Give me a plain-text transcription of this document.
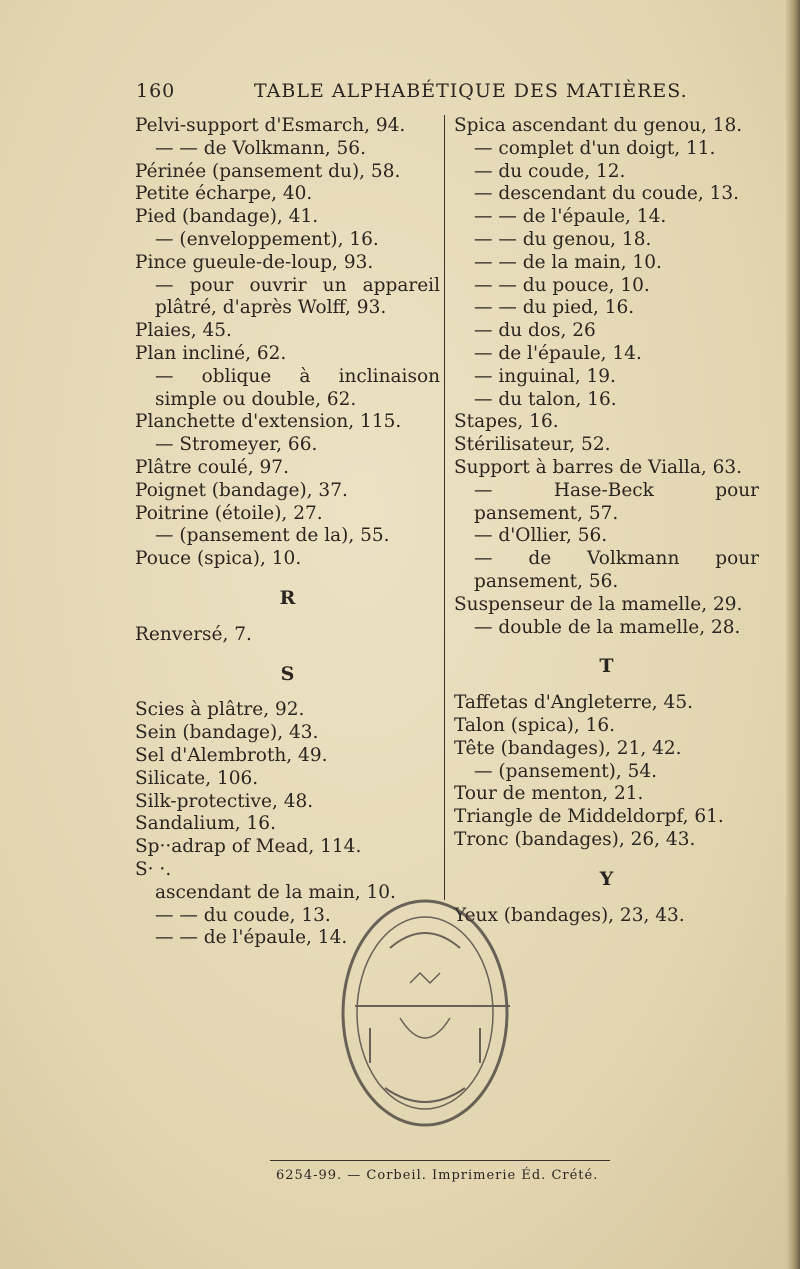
160	TABLE ALPHABÉTIQUE DES MATIÈRES.
Pelvi-support d'Esmarch, 94.
— — de Volkmann, 56.
Périnée (pansement du), 58.
Petite écharpe, 40.
Pied (bandage), 41.
— (enveloppement), 16.
Pince gueule-de-loup, 93.
— pour ouvrir un appareil plâtré, d'après Wolff, 93.
Plaies, 45.
Plan incliné, 62.
— oblique à inclinaison simple ou double, 62.
Planchette d'extension, 115.
— Stromeyer, 66.
Plâtre coulé, 97.
Poignet (bandage), 37.
Poitrine (étoile), 27.
— (pansement de la), 55.
Pouce (spica), 10.
R
Renversé, 7.
S
Scies à plâtre, 92.
Sein (bandage), 43.
Sel d'Alembroth, 49.
Silicate, 106.
Silk-protective, 48.
Sandalium, 16.
Sp··adrap of Mead, 114.
S· ·.
ascendant de la main, 10.
— — du coude, 13.
— — de l'épaule, 14.
Spica ascendant du genou, 18.
— complet d'un doigt, 11.
— du coude, 12.
— descendant du coude, 13.
— — de l'épaule, 14.
— — du genou, 18.
— — de la main, 10.
— — du pouce, 10.
— — du pied, 16.
— du dos, 26
— de l'épaule, 14.
— inguinal, 19.
— du talon, 16.
Stapes, 16.
Stérilisateur, 52.
Support à barres de Vialla, 63.
— Hase-Beck pour pansement, 57.
— d'Ollier, 56.
— de Volkmann pour pansement, 56.
Suspenseur de la mamelle, 29.
— double de la mamelle, 28.
T
Taffetas d'Angleterre, 45.
Talon (spica), 16.
Tête (bandages), 21, 42.
— (pansement), 54.
Tour de menton, 21.
Triangle de Middeldorpf, 61.
Tronc (bandages), 26, 43.
Y
Yeux (bandages), 23, 43.
6254-99. — Corbeil. Imprimerie Éd. Crété.
